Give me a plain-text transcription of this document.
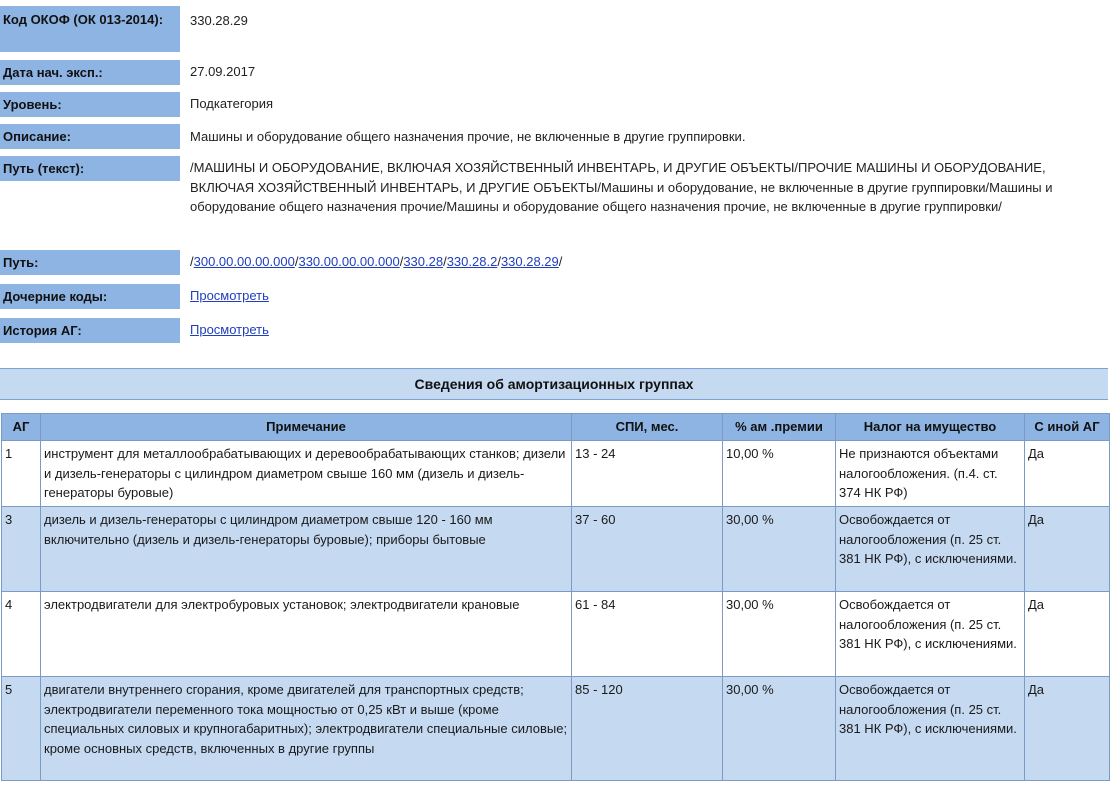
Код ОКОФ (ОК 013-2014):	330.28.29
Дата нач. эксп.:	27.09.2017
Уровень:	Подкатегория
Описание:	Машины и оборудование общего назначения прочие, не включенные в другие группировки.
Путь (текст):	/МАШИНЫ И ОБОРУДОВАНИЕ, ВКЛЮЧАЯ ХОЗЯЙСТВЕННЫЙ ИНВЕНТАРЬ, И ДРУГИЕ ОБЪЕКТЫ/ПРОЧИЕ МАШИНЫ И ОБОРУДОВАНИЕ, ВКЛЮЧАЯ ХОЗЯЙСТВЕННЫЙ ИНВЕНТАРЬ, И ДРУГИЕ ОБЪЕКТЫ/Машины и оборудование, не включенные в другие группировки/Машины и оборудование общего назначения прочие/Машины и оборудование общего назначения прочие, не включенные в другие группировки/
Путь:	/300.00.00.00.000/330.00.00.00.000/330.28/330.28.2/330.28.29/
Дочерние коды:	Просмотреть
История АГ:	Просмотреть
Сведения об амортизационных группах
АГ	Примечание	СПИ, мес.	% ам .премии	Налог на имущество	С иной АГ
1	инструмент для металлообрабатывающих и деревообрабатывающих станков; дизели и дизель-генераторы с цилиндром диаметром свыше 160 мм (дизель и дизель-генераторы буровые)	13 - 24	10,00 %	Не признаются объектами налогообложения. (п.4. ст. 374 НК РФ)	Да
3	дизель и дизель-генераторы с цилиндром диаметром свыше 120 - 160 мм включительно (дизель и дизель-генераторы буровые); приборы бытовые	37 - 60	30,00 %	Освобождается от налогообложения (п. 25 ст. 381 НК РФ), с исключениями.	Да
4	электродвигатели для электробуровых установок; электродвигатели крановые	61 - 84	30,00 %	Освобождается от налогообложения (п. 25 ст. 381 НК РФ), с исключениями.	Да
5	двигатели внутреннего сгорания, кроме двигателей для транспортных средств; электродвигатели переменного тока мощностью от 0,25 кВт и выше (кроме специальных силовых и крупногабаритных); электродвигатели специальные силовые; кроме основных средств, включенных в другие группы	85 - 120	30,00 %	Освобождается от налогообложения (п. 25 ст. 381 НК РФ), с исключениями.	Да
